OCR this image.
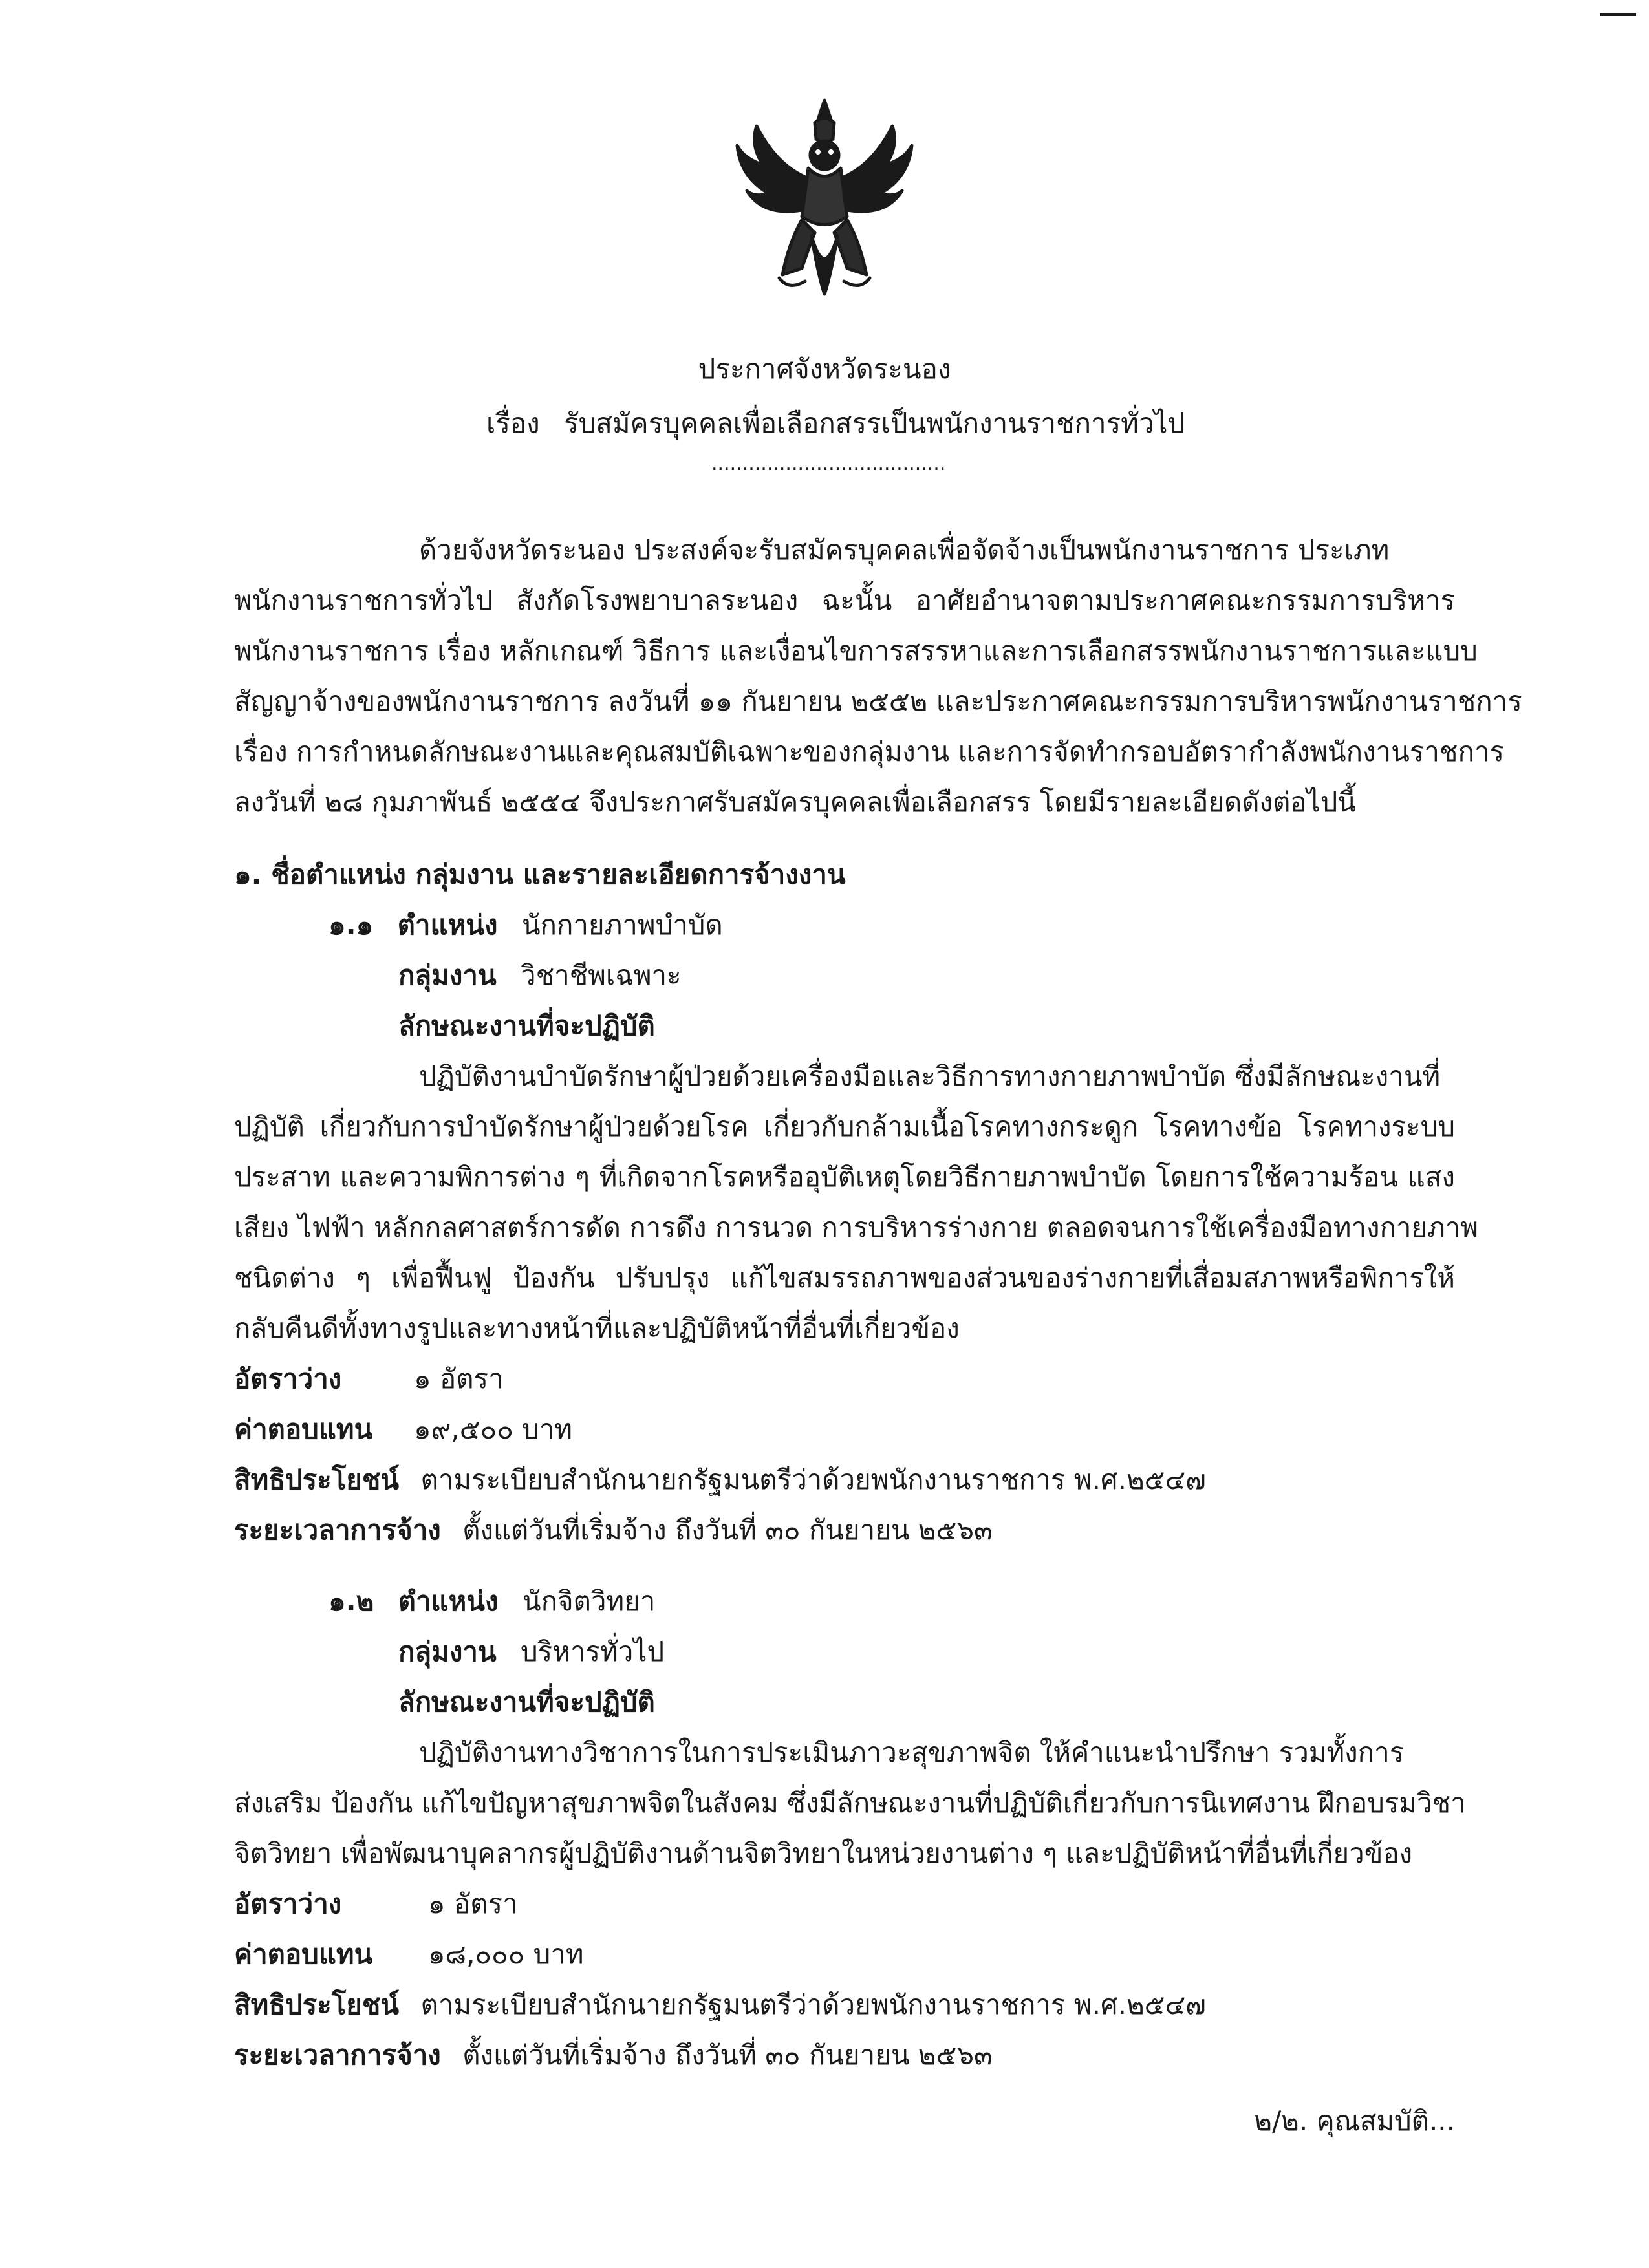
ประกาศจังหวัดระนอง
เรื่อง รับสมัครบุคคลเพื่อเลือกสรรเป็นพนักงานราชการทั่วไป
......................................
ด้วยจังหวัดระนอง ประสงค์จะรับสมัครบุคคลเพื่อจัดจ้างเป็นพนักงานราชการ ประเภท
พนักงานราชการทั่วไป สังกัดโรงพยาบาลระนอง ฉะนั้น อาศัยอำนาจตามประกาศคณะกรรมการบริหาร
พนักงานราชการ เรื่อง หลักเกณฑ์ วิธีการ และเงื่อนไขการสรรหาและการเลือกสรรพนักงานราชการและแบบ
สัญญาจ้างของพนักงานราชการ ลงวันที่ ๑๑ กันยายน ๒๕๕๒ และประกาศคณะกรรมการบริหารพนักงานราชการ
เรื่อง การกำหนดลักษณะงานและคุณสมบัติเฉพาะของกลุ่มงาน และการจัดทำกรอบอัตรากำลังพนักงานราชการ
ลงวันที่ ๒๘ กุมภาพันธ์ ๒๕๕๔ จึงประกาศรับสมัครบุคคลเพื่อเลือกสรร โดยมีรายละเอียดดังต่อไปนี้
๑. ชื่อตำแหน่ง กลุ่มงาน และรายละเอียดการจ้างงาน
๑.๑ ตำแหน่ง นักกายภาพบำบัด
กลุ่มงาน วิชาชีพเฉพาะ
ลักษณะงานที่จะปฏิบัติ
ปฏิบัติงานบำบัดรักษาผู้ป่วยด้วยเครื่องมือและวิธีการทางกายภาพบำบัด ซึ่งมีลักษณะงานที่
ปฏิบัติ เกี่ยวกับการบำบัดรักษาผู้ป่วยด้วยโรค เกี่ยวกับกล้ามเนื้อโรคทางกระดูก โรคทางข้อ โรคทางระบบ
ประสาท และความพิการต่าง ๆ ที่เกิดจากโรคหรืออุบัติเหตุโดยวิธีกายภาพบำบัด โดยการใช้ความร้อน แสง
เสียง ไฟฟ้า หลักกลศาสตร์การดัด การดึง การนวด การบริหารร่างกาย ตลอดจนการใช้เครื่องมือทางกายภาพ
ชนิดต่าง ๆ เพื่อฟื้นฟู ป้องกัน ปรับปรุง แก้ไขสมรรถภาพของส่วนของร่างกายที่เสื่อมสภาพหรือพิการให้
กลับคืนดีทั้งทางรูปและทางหน้าที่และปฏิบัติหน้าที่อื่นที่เกี่ยวข้อง
อัตราว่าง	๑ อัตรา
ค่าตอบแทน ๑๙,๕๐๐ บาท
สิทธิประโยชน์ ตามระเบียบสำนักนายกรัฐมนตรีว่าด้วยพนักงานราชการ พ.ศ.๒๕๔๗
ระยะเวลาการจ้าง ตั้งแต่วันที่เริ่มจ้าง ถึงวันที่ ๓๐ กันยายน ๒๕๖๓
๑.๒ ตำแหน่ง นักจิตวิทยา
กลุ่มงาน บริหารทั่วไป
ลักษณะงานที่จะปฏิบัติ
ปฏิบัติงานทางวิชาการในการประเมินภาวะสุขภาพจิต ให้คำแนะนำปรึกษา รวมทั้งการ
ส่งเสริม ป้องกัน แก้ไขปัญหาสุขภาพจิตในสังคม ซึ่งมีลักษณะงานที่ปฏิบัติเกี่ยวกับการนิเทศงาน ฝึกอบรมวิชา
จิตวิทยา เพื่อพัฒนาบุคลากรผู้ปฏิบัติงานด้านจิตวิทยาในหน่วยงานต่าง ๆ และปฏิบัติหน้าที่อื่นที่เกี่ยวข้อง
อัตราว่าง	๑ อัตรา
ค่าตอบแทน ๑๘,๐๐๐ บาท
สิทธิประโยชน์ ตามระเบียบสำนักนายกรัฐมนตรีว่าด้วยพนักงานราชการ พ.ศ.๒๕๔๗
ระยะเวลาการจ้าง ตั้งแต่วันที่เริ่มจ้าง ถึงวันที่ ๓๐ กันยายน ๒๕๖๓
๒/๒. คุณสมบัติ...
